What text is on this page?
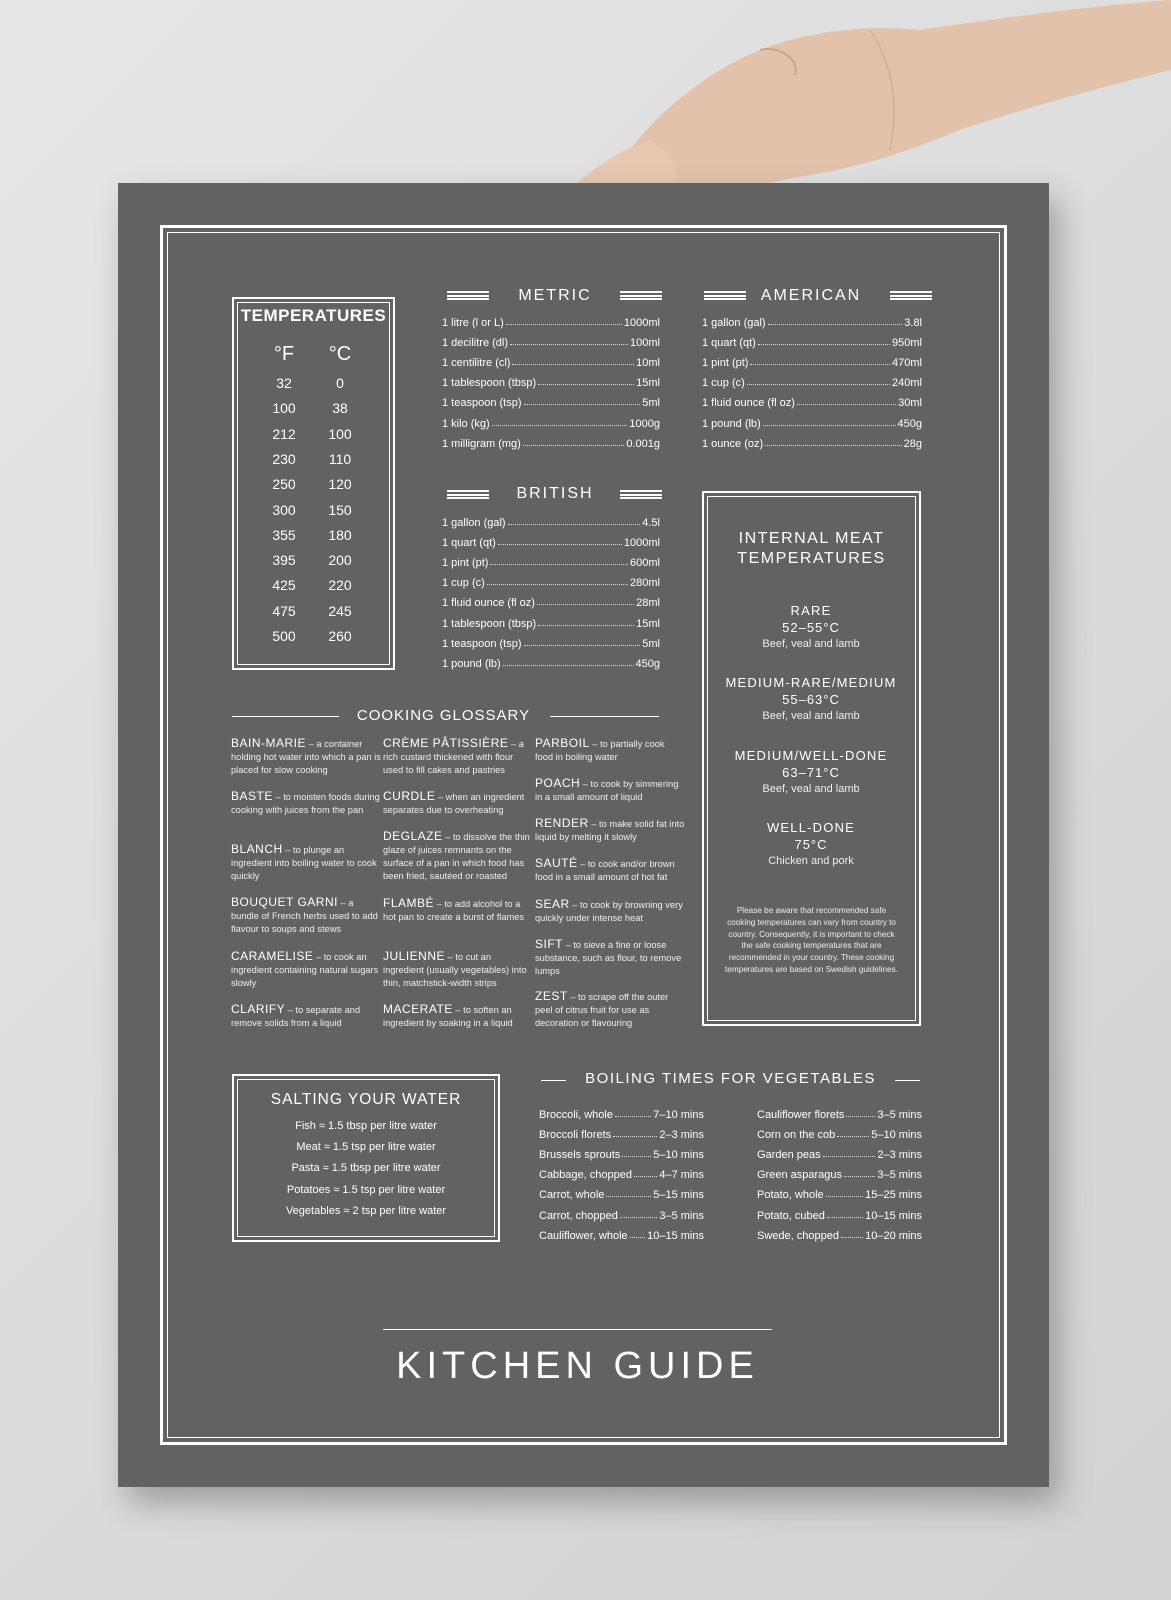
TEMPERATURES
°F	°C
32	0
100	38
212	100
230	110
250	120
300	150
355	180
395	200
425	220
475	245
500	260
METRIC
1 litre (l or L)	1000ml
1 decilitre (dl)	100ml
1 centilitre (cl)	10ml
1 tablespoon (tbsp)	15ml
1 teaspoon (tsp)	5ml
1 kilo (kg)	1000g
1 milligram (mg)	0.001g
AMERICAN
1 gallon (gal)	3.8l
1 quart (qt)	950ml
1 pint (pt)	470ml
1 cup (c)	240ml
1 fluid ounce (fl oz)	30ml
1 pound (lb)	450g
1 ounce (oz)	28g
BRITISH
1 gallon (gal)	4.5l
1 quart (qt)	1000ml
1 pint (pt)	600ml
1 cup (c)	280ml
1 fluid ounce (fl oz)	28ml
1 tablespoon (tbsp)	15ml
1 teaspoon (tsp)	5ml
1 pound (lb)	450g
INTERNAL MEAT TEMPERATURES
RARE
52–55°C
Beef, veal and lamb
MEDIUM-RARE/MEDIUM
55–63°C
Beef, veal and lamb
MEDIUM/WELL-DONE
63–71°C
Beef, veal and lamb
WELL-DONE
75°C
Chicken and pork
Please be aware that recommended safe cooking temperatures can vary from country to country. Consequently, it is important to check the safe cooking temperatures that are recommended in your country. These cooking temperatures are based on Swedish guidelines.
COOKING GLOSSARY
BAIN-MARIE – a container holding hot water into which a pan is placed for slow cooking
BASTE – to moisten foods during cooking with juices from the pan
BLANCH – to plunge an ingredient into boiling water to cook quickly
BOUQUET GARNI – a bundle of French herbs used to add flavour to soups and stews
CARAMELISE – to cook an ingredient containing natural sugars slowly
CLARIFY – to separate and remove solids from a liquid
CRÈME PÂTISSIÈRE – a rich custard thickened with flour used to fill cakes and pastries
CURDLE – when an ingredient separates due to overheating
DEGLAZE – to dissolve the thin glaze of juices remnants on the surface of a pan in which food has been fried, sautéed or roasted
FLAMBÉ – to add alcohol to a hot pan to create a burst of flames
JULIENNE – to cut an ingredient (usually vegetables) into thin, matchstick-width strips
MACERATE – to soften an ingredient by soaking in a liquid
PARBOIL – to partially cook food in boiling water
POACH – to cook by simmering in a small amount of liquid
RENDER – to make solid fat into liquid by melting it slowly
SAUTÉ – to cook and/or brown food in a small amount of hot fat
SEAR – to cook by browning very quickly under intense heat
SIFT – to sieve a fine or loose substance, such as flour, to remove lumps
ZEST – to scrape off the outer peel of citrus fruit for use as decoration or flavouring
SALTING YOUR WATER
Fish ≈ 1.5 tbsp per litre water
Meat ≈ 1.5 tsp per litre water
Pasta ≈ 1.5 tbsp per litre water
Potatoes ≈ 1.5 tsp per litre water
Vegetables ≈ 2 tsp per litre water
BOILING TIMES FOR VEGETABLES
Broccoli, whole	7–10 mins
Broccoli florets	2–3 mins
Brussels sprouts	5–10 mins
Cabbage, chopped 4–7 mins
Carrot, whole	5–15 mins
Carrot, chopped	3–5 mins
Cauliflower, whole 10–15 mins
Cauliflower florets	3–5 mins
Corn on the cob	5–10 mins
Garden peas	2–3 mins
Green asparagus	3–5 mins
Potato, whole	15–25 mins
Potato, cubed	10–15 mins
Swede, chopped 10–20 mins
KITCHEN GUIDE
